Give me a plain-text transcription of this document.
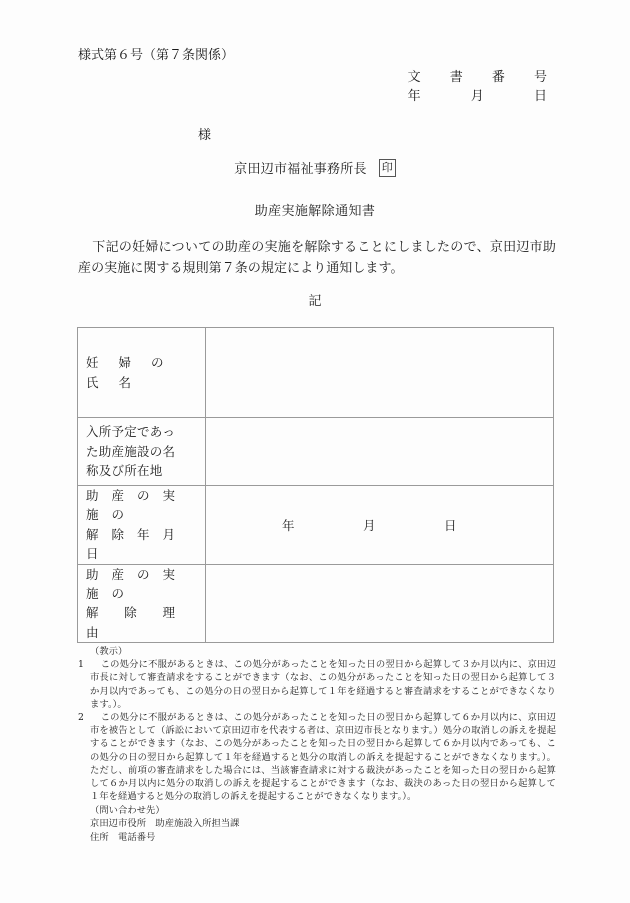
様式第６号（第７条関係）
文　書　番　号
年　　月　　日
様
京田辺市福祉事務所長 印
助産実施解除通知書
下記の妊婦についての助産の実施を解除することにしましたので、京田辺市助産の実施に関する規則第７条の規定により通知します。
記
妊　婦　の　氏　名	

入所予定であっ
た助産施設の名
称及び所在地	

助　産　の　実　施　の
解　除　年　月　日	年　　　月　　　日

助　産　の　実　施　の
解　　除　　理　　由	

（教示）
1	この処分に不服があるときは、この処分があったことを知った日の翌日から起算して３か月以内に、京田辺市長に対して審査請求をすることができます（なお、この処分があったことを知った日の翌日から起算して３か月以内であっても、この処分の日の翌日から起算して１年を経過すると審査請求をすることができなくなります。）。
2	この処分に不服があるときは、この処分があったことを知った日の翌日から起算して６か月以内に、京田辺市を被告として（訴訟において京田辺市を代表する者は、京田辺市長となります。）処分の取消しの訴えを提起することができます（なお、この処分があったことを知った日の翌日から起算して６か月以内であっても、この処分の日の翌日から起算して１年を経過すると処分の取消しの訴えを提起することができなくなります。）。ただし、前項の審査請求をした場合には、当該審査請求に対する裁決があったことを知った日の翌日から起算して６か月以内に処分の取消しの訴えを提起することができます（なお、裁決のあった日の翌日から起算して１年を経過すると処分の取消しの訴えを提起することができなくなります。）。
（問い合わせ先）
京田辺市役所　助産施設入所担当課
住所　電話番号
